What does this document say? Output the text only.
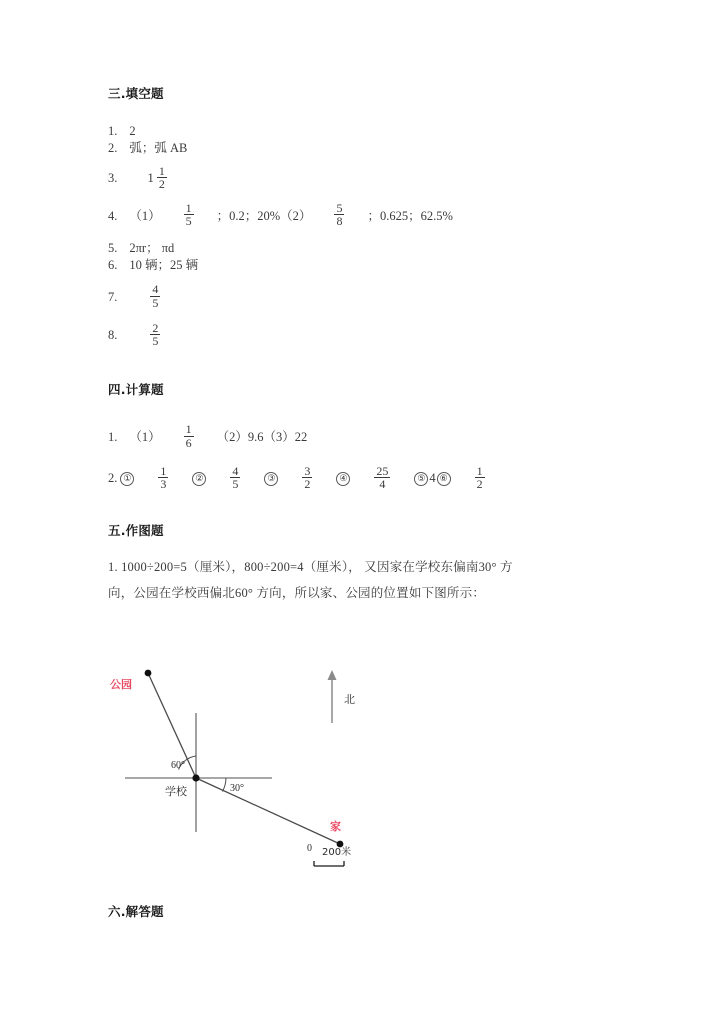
三.填空题
1. 2
2. 弧；弧 AB
3. $1 \frac{1}{2}$
4. $(1) \frac{1}{5}$ ；0.2；$20\%(2) \frac{5}{8}$ ；0.625；62.5%
5. 2πr； πd
6. 10 辆；25 辆
7.	$\frac{4}{5}$
8.	$\frac{2}{5}$
四.计算题
1. $(1) \frac{1}{6} (2)9.6(3)22$
2. ① $\frac{1}{3}$	② $\frac{4}{5}$	③ $\frac{3}{2}$	④ $\frac{25}{4}$	⑤ 4 ⑥ $\frac{1}{2}$
五.作图题
1. 1000÷200=5（厘米），800÷200=4（厘米）， 又因家在学校东偏南30° 方
向，公园在学校西偏北60° 方向，所以家、公园的位置如下图所示：
公园
家
学校
北
60°
30°
0 200米
六.解答题
